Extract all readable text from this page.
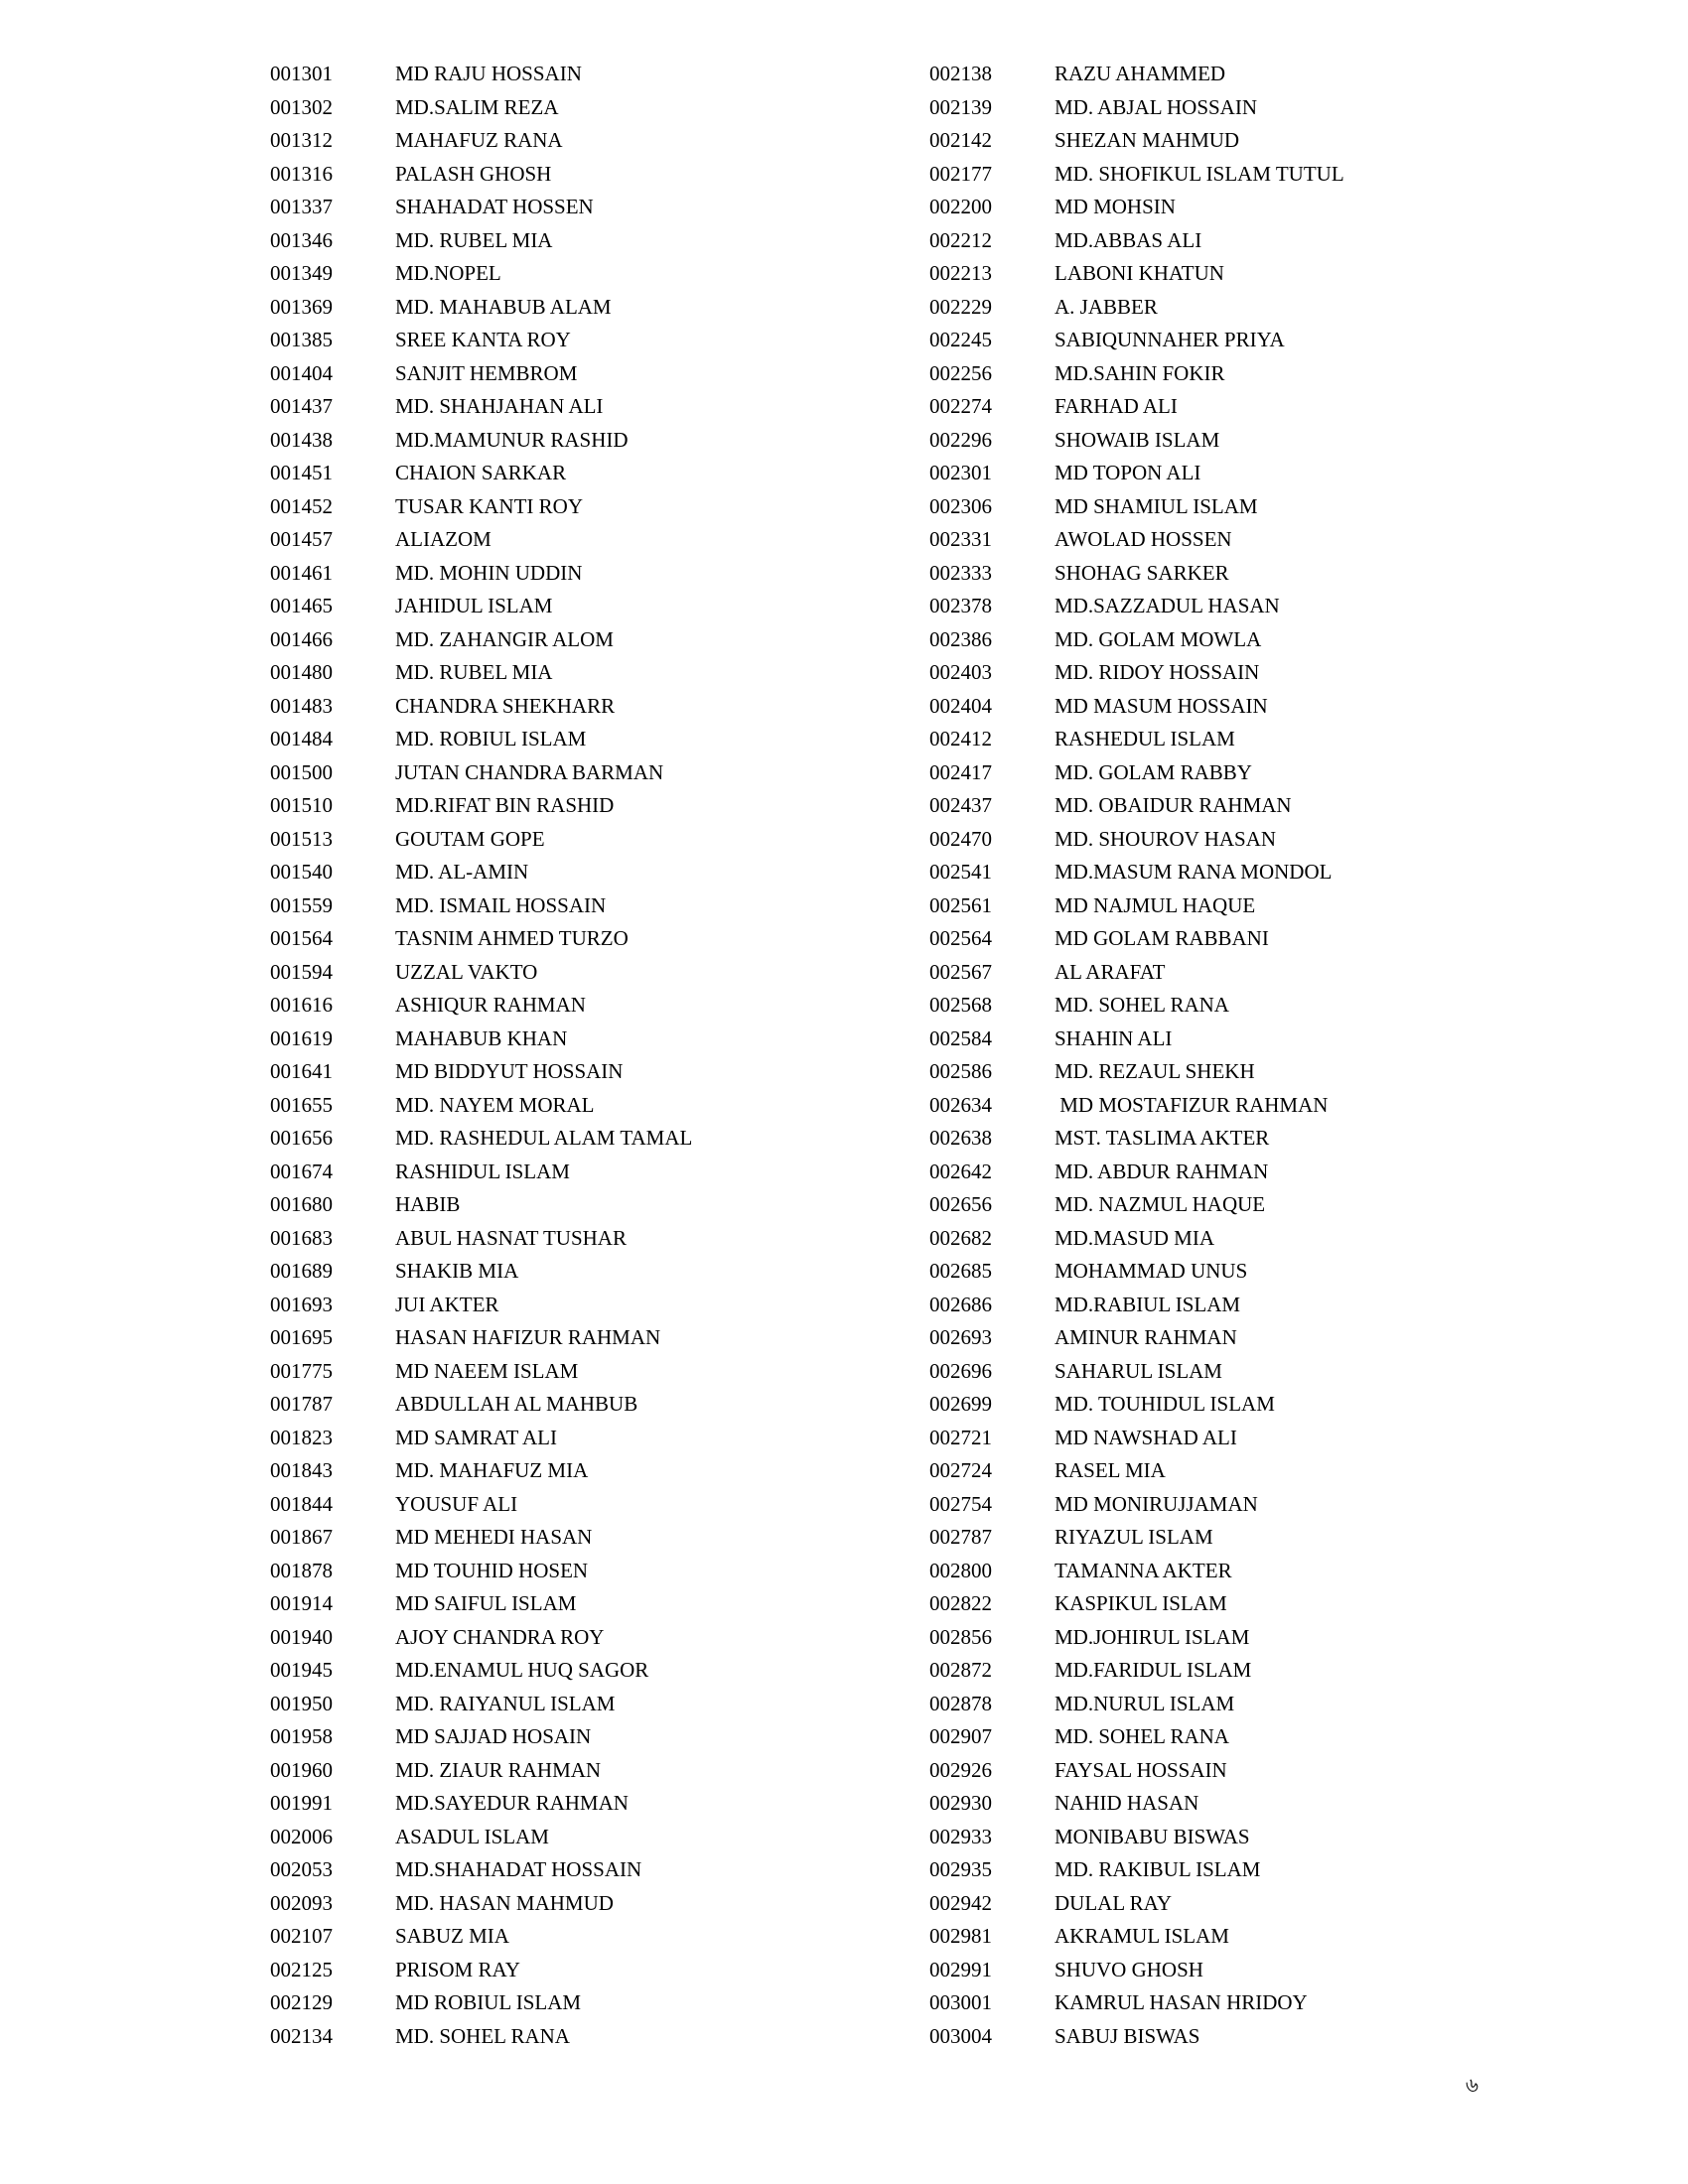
001301	MD RAJU HOSSAIN
001302	MD.SALIM REZA
001312	MAHAFUZ RANA
001316	PALASH GHOSH
001337	SHAHADAT HOSSEN
001346	MD. RUBEL MIA
001349	MD.NOPEL
001369	MD. MAHABUB ALAM
001385	SREE KANTA ROY
001404	SANJIT HEMBROM
001437	MD. SHAHJAHAN ALI
001438	MD.MAMUNUR RASHID
001451	CHAION SARKAR
001452	TUSAR KANTI ROY
001457	ALIAZOM
001461	MD. MOHIN UDDIN
001465	JAHIDUL ISLAM
001466	MD. ZAHANGIR ALOM
001480	MD. RUBEL MIA
001483	CHANDRA SHEKHARR
001484	MD. ROBIUL ISLAM
001500	JUTAN CHANDRA BARMAN
001510	MD.RIFAT BIN RASHID
001513	GOUTAM GOPE
001540	MD. AL-AMIN
001559	MD. ISMAIL HOSSAIN
001564	TASNIM AHMED TURZO
001594	UZZAL VAKTO
001616	ASHIQUR RAHMAN
001619	MAHABUB KHAN
001641	MD BIDDYUT HOSSAIN
001655	MD. NAYEM MORAL
001656	MD. RASHEDUL ALAM TAMAL
001674	RASHIDUL ISLAM
001680	HABIB
001683	ABUL HASNAT TUSHAR
001689	SHAKIB MIA
001693	JUI AKTER
001695	HASAN HAFIZUR RAHMAN
001775	MD NAEEM ISLAM
001787	ABDULLAH AL MAHBUB
001823	MD SAMRAT ALI
001843	MD. MAHAFUZ MIA
001844	YOUSUF ALI
001867	MD MEHEDI HASAN
001878	MD TOUHID HOSEN
001914	MD SAIFUL ISLAM
001940	AJOY CHANDRA ROY
001945	MD.ENAMUL HUQ SAGOR
001950	MD. RAIYANUL ISLAM
001958	MD SAJJAD HOSAIN
001960	MD. ZIAUR RAHMAN
001991	MD.SAYEDUR RAHMAN
002006	ASADUL ISLAM
002053	MD.SHAHADAT HOSSAIN
002093	MD. HASAN MAHMUD
002107	SABUZ MIA
002125	PRISOM RAY
002129	MD ROBIUL ISLAM
002134	MD. SOHEL RANA
002138	RAZU AHAMMED
002139	MD. ABJAL HOSSAIN
002142	SHEZAN MAHMUD
002177	MD. SHOFIKUL ISLAM TUTUL
002200	MD MOHSIN
002212	MD.ABBAS ALI
002213	LABONI KHATUN
002229	A. JABBER
002245	SABIQUNNAHER PRIYA
002256	MD.SAHIN FOKIR
002274	FARHAD ALI
002296	SHOWAIB ISLAM
002301	MD TOPON ALI
002306	MD SHAMIUL ISLAM
002331	AWOLAD HOSSEN
002333	SHOHAG SARKER
002378	MD.SAZZADUL HASAN
002386	MD. GOLAM MOWLA
002403	MD. RIDOY HOSSAIN
002404	MD MASUM HOSSAIN
002412	RASHEDUL ISLAM
002417	MD. GOLAM RABBY
002437	MD. OBAIDUR RAHMAN
002470	MD. SHOUROV HASAN
002541	MD.MASUM RANA MONDOL
002561	MD NAJMUL HAQUE
002564	MD GOLAM RABBANI
002567	AL ARAFAT
002568	MD. SOHEL RANA
002584	SHAHIN ALI
002586	MD. REZAUL SHEKH
002634	MD MOSTAFIZUR RAHMAN
002638	MST. TASLIMA AKTER
002642	MD. ABDUR RAHMAN
002656	MD. NAZMUL HAQUE
002682	MD.MASUD MIA
002685	MOHAMMAD UNUS
002686	MD.RABIUL ISLAM
002693	AMINUR RAHMAN
002696	SAHARUL ISLAM
002699	MD. TOUHIDUL ISLAM
002721	MD NAWSHAD ALI
002724	RASEL MIA
002754	MD MONIRUJJAMAN
002787	RIYAZUL ISLAM
002800	TAMANNA AKTER
002822	KASPIKUL ISLAM
002856	MD.JOHIRUL ISLAM
002872	MD.FARIDUL ISLAM
002878	MD.NURUL ISLAM
002907	MD. SOHEL RANA
002926	FAYSAL HOSSAIN
002930	NAHID HASAN
002933	MONIBABU BISWAS
002935	MD. RAKIBUL ISLAM
002942	DULAL RAY
002981	AKRAMUL ISLAM
002991	SHUVO GHOSH
003001	KAMRUL HASAN HRIDOY
003004	SABUJ BISWAS
৬
